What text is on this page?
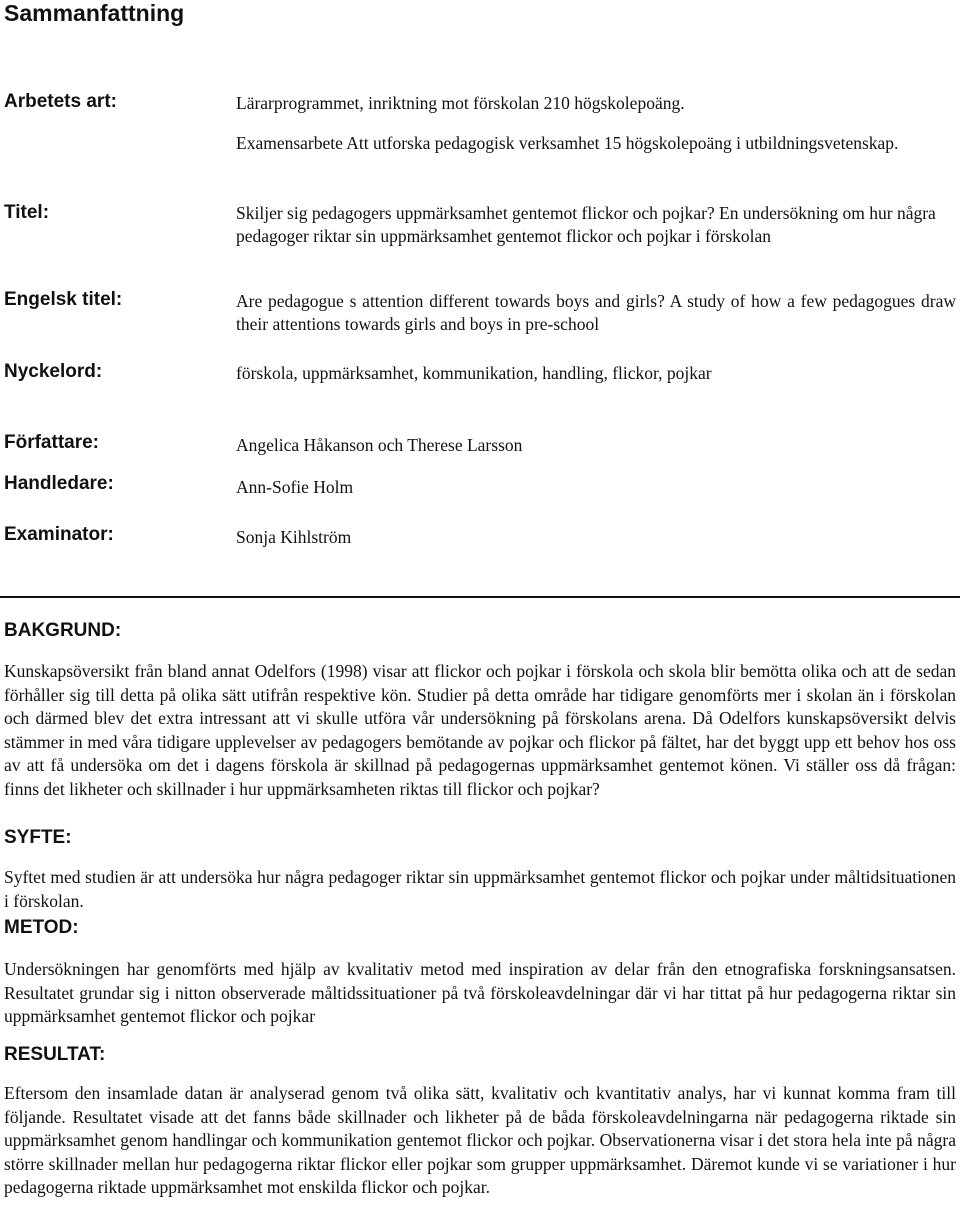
Sammanfattning
Arbetets art:	Lärarprogrammet, inriktning mot förskolan 210 högskolepoäng.
Examensarbete Att utforska pedagogisk verksamhet 15 högskolepoäng i utbildningsvetenskap.
Titel:	Skiljer sig pedagogers uppmärksamhet gentemot flickor och pojkar? En undersökning om hur några pedagoger riktar sin uppmärksamhet gentemot flickor och pojkar i förskolan
Engelsk titel:	Are pedagogue s attention different towards boys and girls? A study of how a few pedagogues draw their attentions towards girls and boys in pre-school
Nyckelord:	förskola, uppmärksamhet, kommunikation, handling, flickor, pojkar
Författare:	Angelica Håkanson och Therese Larsson
Handledare:	Ann-Sofie Holm
Examinator:	Sonja Kihlström
BAKGRUND:
Kunskapsöversikt från bland annat Odelfors (1998) visar att flickor och pojkar i förskola och skola blir bemötta olika och att de sedan förhåller sig till detta på olika sätt utifrån respektive kön. Studier på detta område har tidigare genomförts mer i skolan än i förskolan och därmed blev det extra intressant att vi skulle utföra vår undersökning på förskolans arena. Då Odelfors kunskapsöversikt delvis stämmer in med våra tidigare upplevelser av pedagogers bemötande av pojkar och flickor på fältet, har det byggt upp ett behov hos oss av att få undersöka om det i dagens förskola är skillnad på pedagogernas uppmärksamhet gentemot könen. Vi ställer oss då frågan: finns det likheter och skillnader i hur uppmärksamheten riktas till flickor och pojkar?
SYFTE:
Syftet med studien är att undersöka hur några pedagoger riktar sin uppmärksamhet gentemot flickor och pojkar under måltidsituationen i förskolan.
METOD:
Undersökningen har genomförts med hjälp av kvalitativ metod med inspiration av delar från den etnografiska forskningsansatsen. Resultatet grundar sig i nitton observerade måltidssituationer på två förskoleavdelningar där vi har tittat på hur pedagogerna riktar sin uppmärksamhet gentemot flickor och pojkar
RESULTAT:
Eftersom den insamlade datan är analyserad genom två olika sätt, kvalitativ och kvantitativ analys, har vi kunnat komma fram till följande. Resultatet visade att det fanns både skillnader och likheter på de båda förskoleavdelningarna när pedagogerna riktade sin uppmärksamhet genom handlingar och kommunikation gentemot flickor och pojkar. Observationerna visar i det stora hela inte på några större skillnader mellan hur pedagogerna riktar flickor eller pojkar som grupper uppmärksamhet. Däremot kunde vi se variationer i hur pedagogerna riktade uppmärksamhet mot enskilda flickor och pojkar.
